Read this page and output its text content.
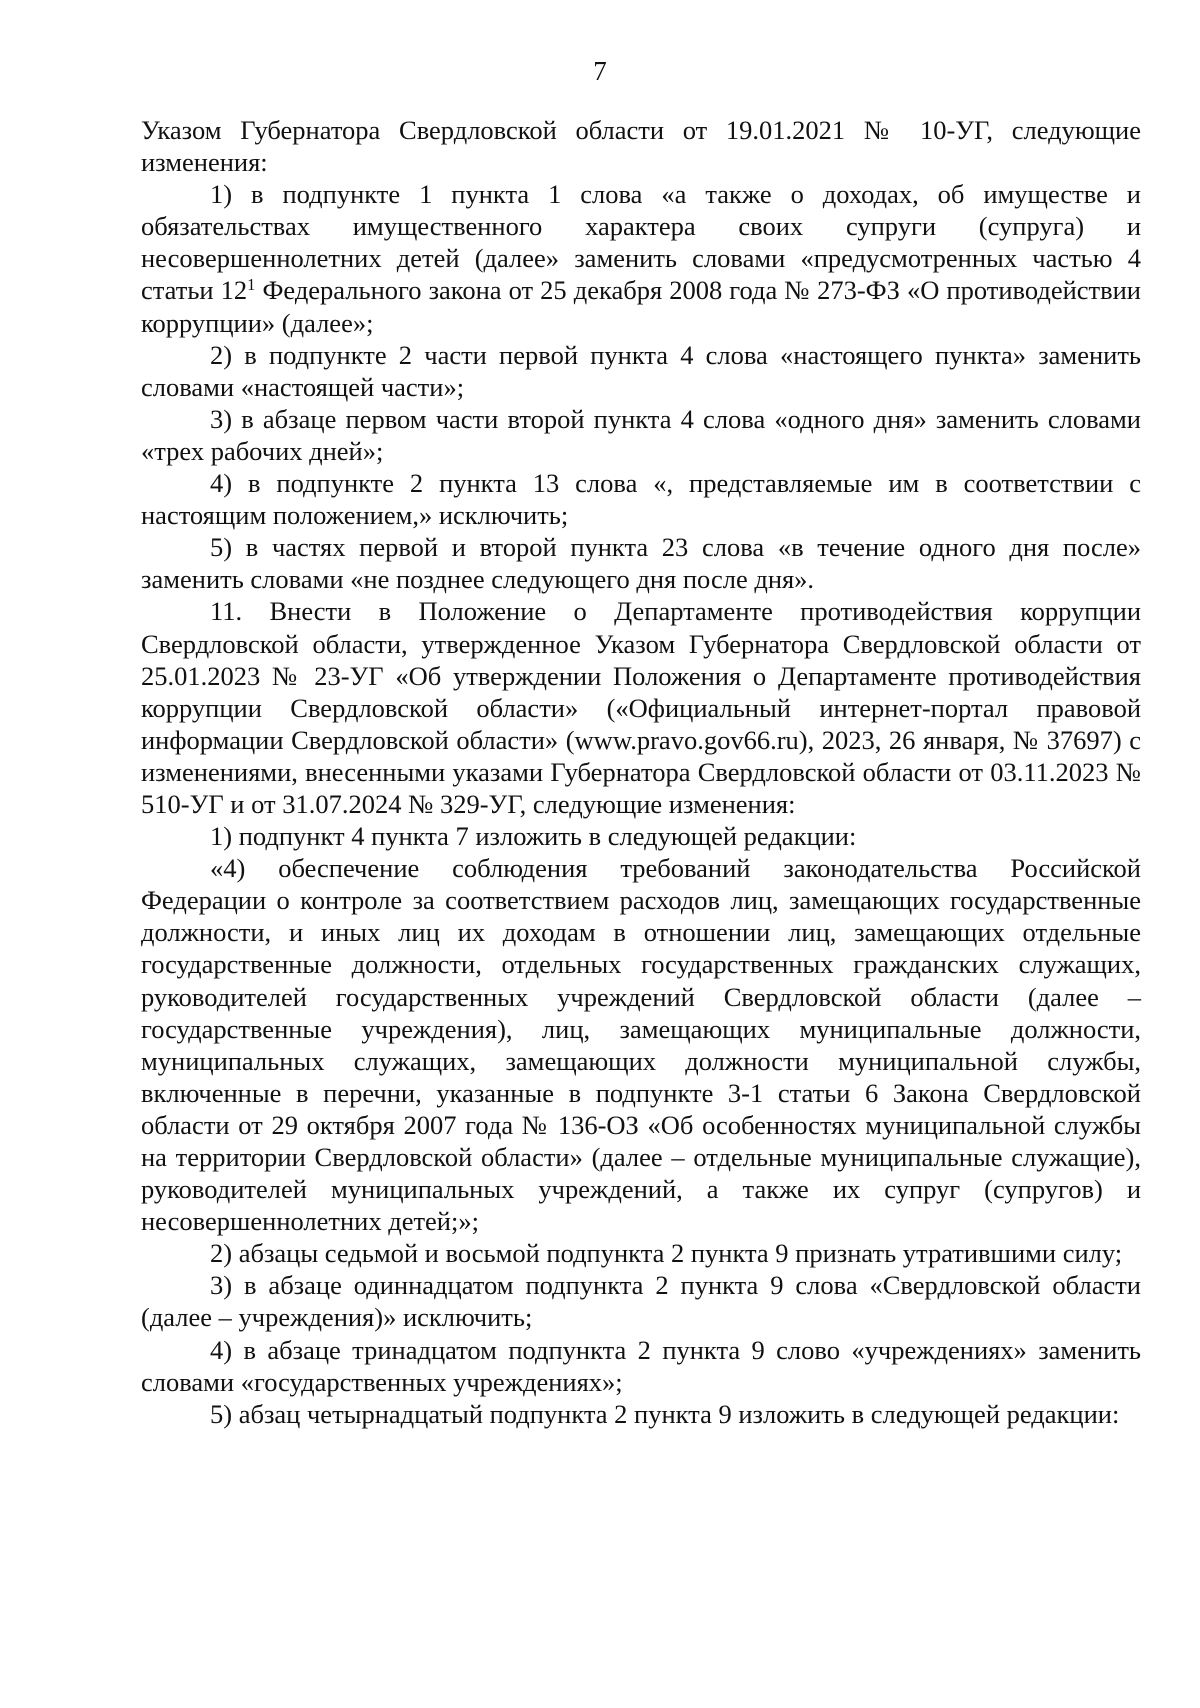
7

Указом Губернатора Свердловской области от 19.01.2021 № 10-УГ, следующие изменения:

1) в подпункте 1 пункта 1 слова «а также о доходах, об имуществе и обязательствах имущественного характера своих супруги (супруга) и несовершеннолетних детей (далее» заменить словами «предусмотренных частью 4 статьи $12^1$ Федерального закона от 25 декабря 2008 года № 273-ФЗ «О противодействии коррупции» (далее»;

2) в подпункте 2 части первой пункта 4 слова «настоящего пункта» заменить словами «настоящей части»;

3) в абзаце первом части второй пункта 4 слова «одного дня» заменить словами «трех рабочих дней»;

4) в подпункте 2 пункта 13 слова «, представляемые им в соответствии с настоящим положением,» исключить;

5) в частях первой и второй пункта 23 слова «в течение одного дня после» заменить словами «не позднее следующего дня после дня».

11. Внести в Положение о Департаменте противодействия коррупции Свердловской области, утвержденное Указом Губернатора Свердловской области от 25.01.2023 № 23-УГ «Об утверждении Положения о Департаменте противодействия коррупции Свердловской области» («Официальный интернет-портал правовой информации Свердловской области» (www.pravo.gov66.ru), 2023, 26 января, № 37697) с изменениями, внесенными указами Губернатора Свердловской области от 03.11.2023 № 510-УГ и от 31.07.2024 № 329-УГ, следующие изменения:

1) подпункт 4 пункта 7 изложить в следующей редакции:

«4) обеспечение соблюдения требований законодательства Российской Федерации о контроле за соответствием расходов лиц, замещающих государственные должности, и иных лиц их доходам в отношении лиц, замещающих отдельные государственные должности, отдельных государственных гражданских служащих, руководителей государственных учреждений Свердловской области (далее – государственные учреждения), лиц, замещающих муниципальные должности, муниципальных служащих, замещающих должности муниципальной службы, включенные в перечни, указанные в подпункте 3-1 статьи 6 Закона Свердловской области от 29 октября 2007 года № 136-ОЗ «Об особенностях муниципальной службы на территории Свердловской области» (далее – отдельные муниципальные служащие), руководителей муниципальных учреждений, а также их супруг (супругов) и несовершеннолетних детей;»;

2) абзацы седьмой и восьмой подпункта 2 пункта 9 признать утратившими силу;

3) в абзаце одиннадцатом подпункта 2 пункта 9 слова «Свердловской области (далее – учреждения)» исключить;

4) в абзаце тринадцатом подпункта 2 пункта 9 слово «учреждениях» заменить словами «государственных учреждениях»;

5) абзац четырнадцатый подпункта 2 пункта 9 изложить в следующей редакции:
